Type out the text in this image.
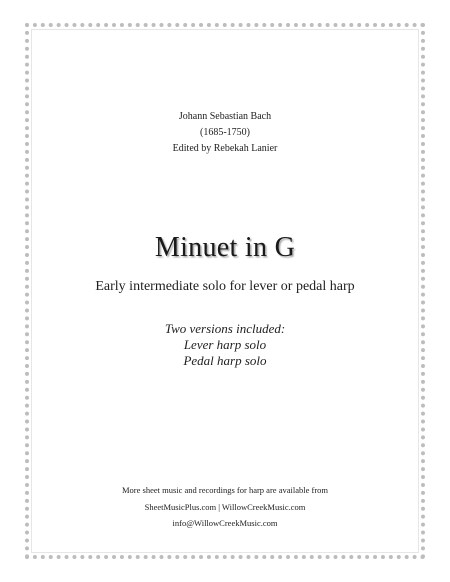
Johann Sebastian Bach
(1685-1750)
Edited by Rebekah Lanier
Minuet in G
Early intermediate solo for lever or pedal harp
Two versions included:
Lever harp solo
Pedal harp solo
More sheet music and recordings for harp are available from
SheetMusicPlus.com | WillowCreekMusic.com
info@WillowCreekMusic.com
